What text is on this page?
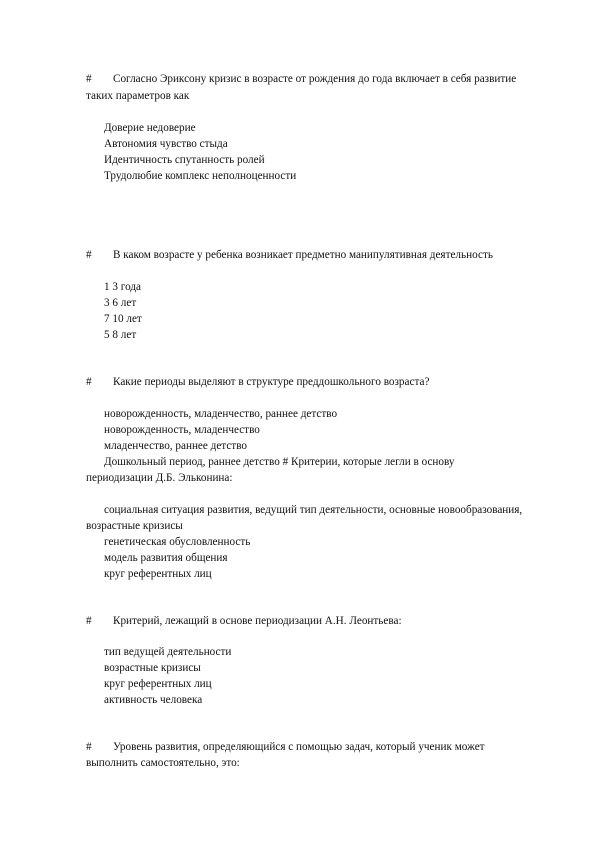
# Согласно Эриксону кризис в возрасте от рождения до года включает в себя развитие
таких параметров как
Доверие недоверие
Автономия чувство стыда
Идентичность спутанность ролей
Трудолюбие комплекс неполноценности
# В каком возрасте у ребенка возникает предметно манипулятивная деятельность
1 3 года
3 6 лет
7 10 лет
5 8 лет
# Какие периоды выделяют в структуре преддошкольного возраста?
новорожденность, младенчество, раннее детство
новорожденность, младенчество
младенчество, раннее детство
Дошкольный период, раннее детство # Критерии, которые легли в основу
периодизации Д.Б. Эльконина:
социальная ситуация развития, ведущий тип деятельности, основные новообразования,
возрастные кризисы
генетическая обусловленность
модель развития общения
круг референтных лиц
# Критерий, лежащий в основе периодизации А.Н. Леонтьева:
тип ведущей деятельности
возрастные кризисы
круг референтных лиц
активность человека
# Уровень развития, определяющийся с помощью задач, который ученик может
выполнить самостоятельно, это:
